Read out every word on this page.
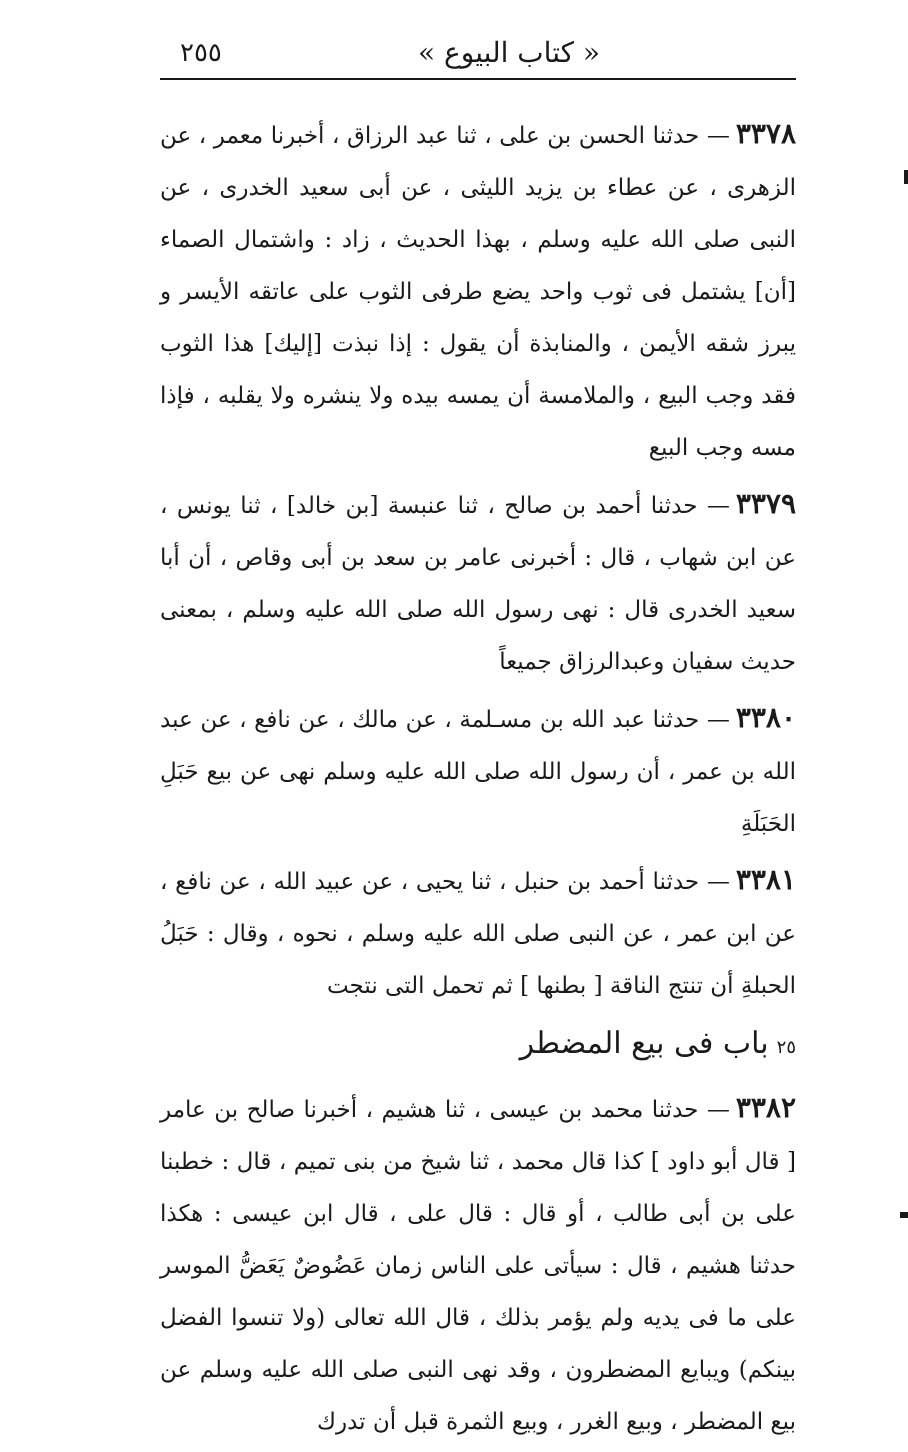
« كتاب البيوع »
٢٥٥

٣٣٧٨— حدثنا الحسن بن على ، ثنا عبد الرزاق ، أخبرنا معمر ، عن الزهرى ، عن عطاء بن يزيد الليثى ، عن أبى سعيد الخدرى ، عن النبى صلى الله عليه وسلم ، بهذا الحديث ، زاد : واشتمال الصماء [أن] يشتمل فى ثوب واحد يضع طرفى الثوب على عاتقه الأيسر و يبرز شقه الأيمن ، والمنابذة أن يقول : إذا نبذت [إليك] هذا الثوب فقد وجب البيع ، والملامسة أن يمسه بيده ولا ينشره ولا يقلبه ، فإذا مسه وجب البيع

٣٣٧٩— حدثنا أحمد بن صالح ، ثنا عنبسة [بن خالد] ، ثنا يونس ، عن ابن شهاب ، قال : أخبرنى عامر بن سعد بن أبى وقاص ، أن أبا سعيد الخدرى قال : نهى رسول الله صلى الله عليه وسلم ، بمعنى حديث سفيان وعبدالرزاق جميعاً

٣٣٨٠— حدثنا عبد الله بن مسـلمة ، عن مالك ، عن نافع ، عن عبد الله بن عمر ، أن رسول الله صلى الله عليه وسلم نهى عن بيع حَبَلِ الحَبَلَةِ

٣٣٨١— حدثنا أحمد بن حنبل ، ثنا يحيى ، عن عبيد الله ، عن نافع ، عن ابن عمر ، عن النبى صلى الله عليه وسلم ، نحوه ، وقال : حَبَلُ الحبلةِ أن تنتج الناقة [ بطنها ] ثم تحمل التى نتجت

٢٥باب فى بيع المضطر

٣٣٨٢— حدثنا محمد بن عيسى ، ثنا هشيم ، أخبرنا صالح بن عامر [ قال أبو داود ] كذا قال محمد ، ثنا شيخ من بنى تميم ، قال : خطبنا على بن أبى طالب ، أو قال : قال على ، قال ابن عيسى : هكذا حدثنا هشيم ، قال : سيأتى على الناس زمان عَضُوضٌ يَعَضُّ الموسر على ما فى يديه ولم يؤمر بذلك ، قال الله تعالى (ولا تنسوا الفضل بينكم) ويبايع المضطرون ، وقد نهى النبى صلى الله عليه وسلم عن بيع المضطر ، وبيع الغرر ، وبيع الثمرة قبل أن تدرك
